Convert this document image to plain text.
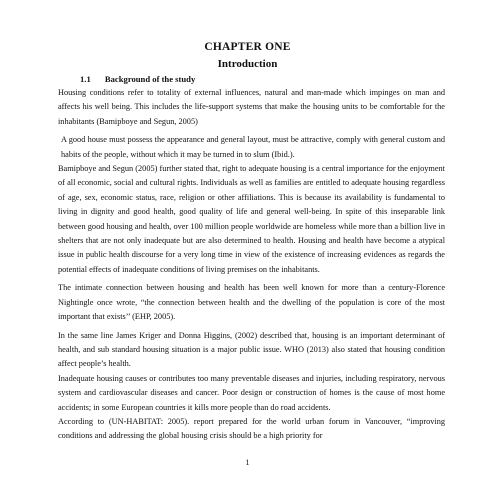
CHAPTER ONE
Introduction
1.1 Background of the study

Housing conditions refer to totality of external influences, natural and man-made which impinges on man and affects his well being. This includes the life-support systems that make the housing units to be comfortable for the inhabitants (Bamipboye and Segun, 2005)

A good house must possess the appearance and general layout, must be attractive, comply with general custom and habits of the people, without which it may be turned in to slum (Ibid.).

Bamipboye and Segun (2005) further stated that, right to adequate housing is a central importance for the enjoyment of all economic, social and cultural rights. Individuals as well as families are entitled to adequate housing regardless of age, sex, economic status, race, religion or other affiliations. This is because its availability is fundamental to living in dignity and good health, good quality of life and general well-being. In spite of this inseparable link between good housing and health, over 100 million people worldwide are homeless while more than a billion live in shelters that are not only inadequate but are also determined to health. Housing and health have become a atypical issue in public health discourse for a very long time in view of the existence of increasing evidences as regards the potential effects of inadequate conditions of living premises on the inhabitants.

The intimate connection between housing and health has been well known for more than a century-Florence Nightingle once wrote, “the connection between health and the dwelling of the population is core of the most important that exists’’ (EHP, 2005).

In the same line James Kriger and Donna Higgins, (2002) described that, housing is an important determinant of health, and sub standard housing situation is a major public issue. WHO (2013) also stated that housing condition affect people’s health.

Inadequate housing causes or contributes too many preventable diseases and injuries, including respiratory, nervous system and cardiovascular diseases and cancer. Poor design or construction of homes is the cause of most home accidents; in some European countries it kills more people than do road accidents.

According to (UN-HABITAT: 2005). report prepared for the world urban forum in Vancouver, “improving conditions and addressing the global housing crisis should be a high priority for

1
